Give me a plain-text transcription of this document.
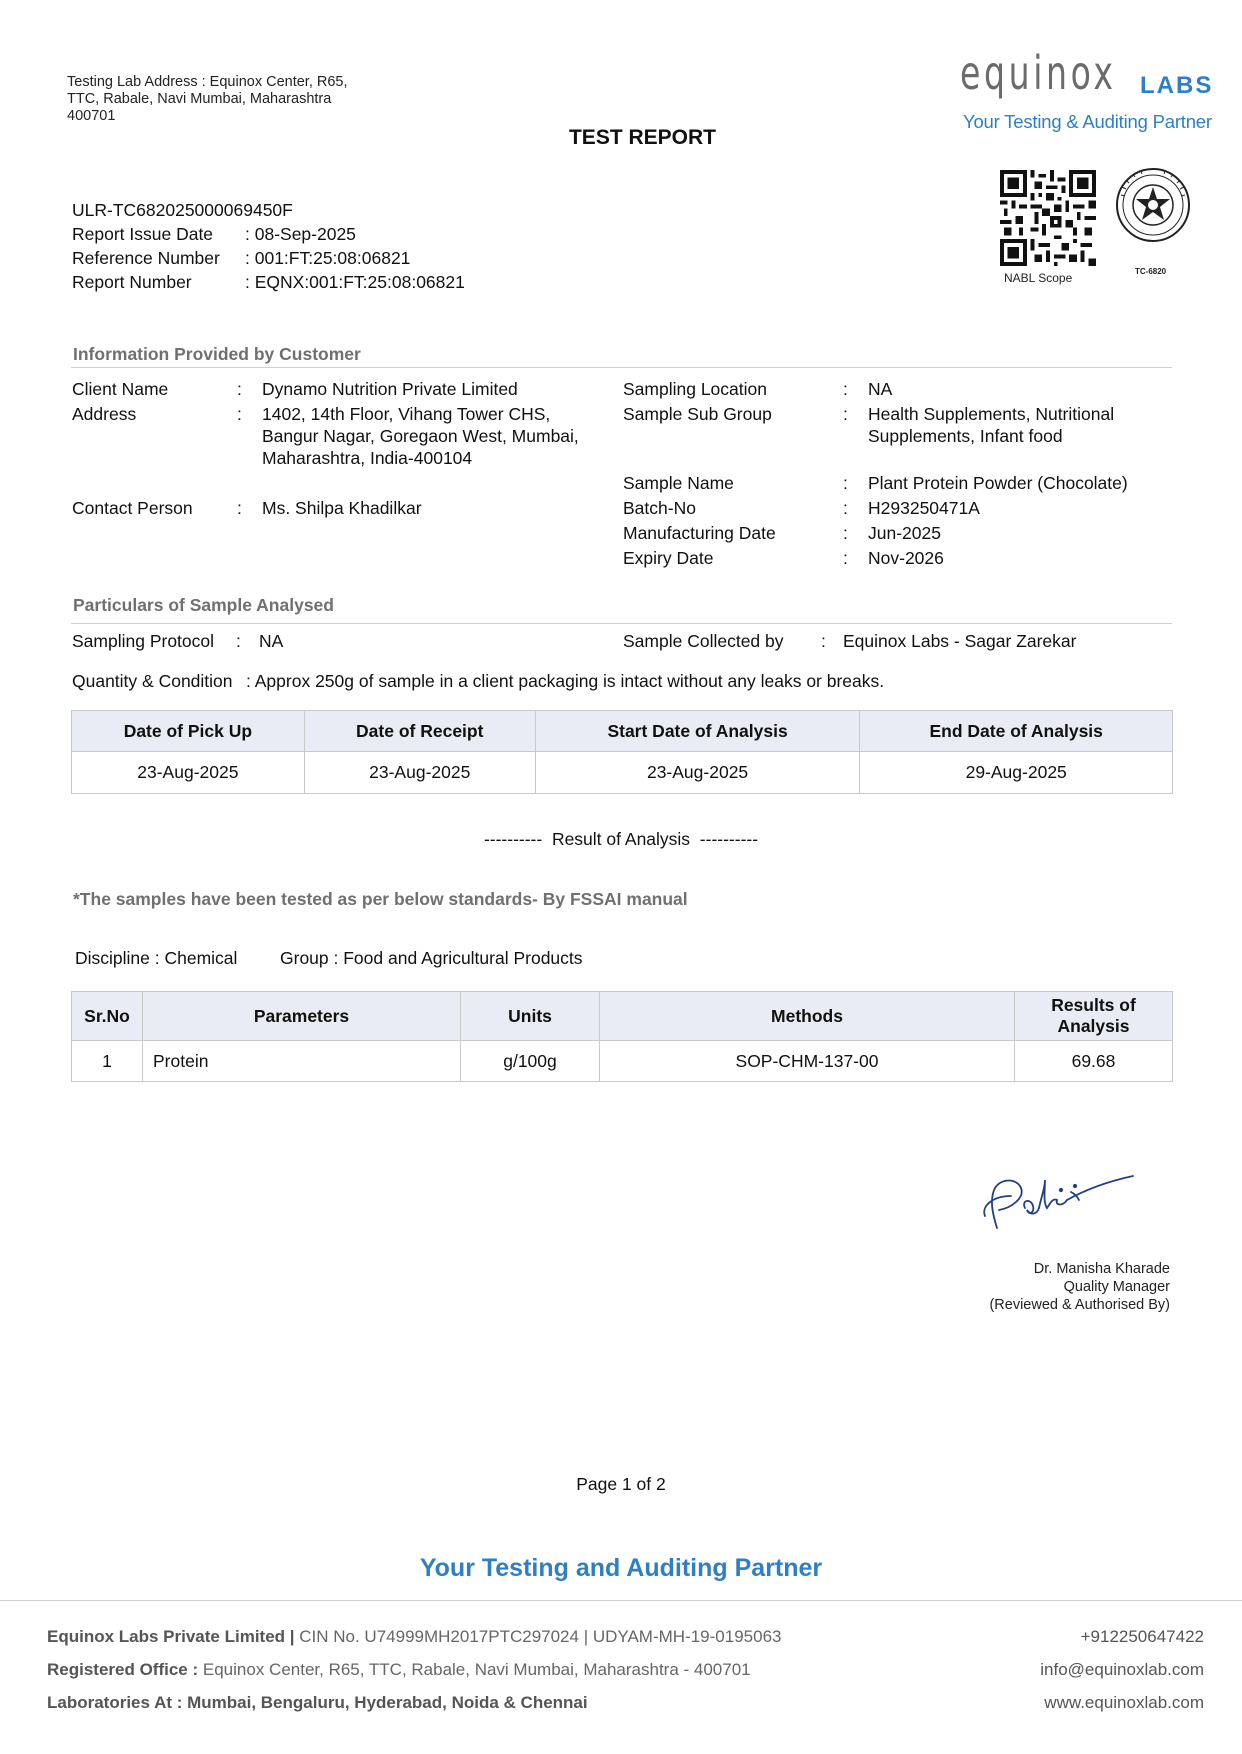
Testing Lab Address : Equinox Center, R65,
TTC, Rabale, Navi Mumbai, Maharashtra
400701
equinox LABS
Your Testing & Auditing Partner
TEST REPORT
NABL Scope	TC-6820
ULR-TC682025000069450F
Report Issue Date	: 08-Sep-2025
Reference Number	: 001:FT:25:08:06821
Report Number	: EQNX:001:FT:25:08:06821
Information Provided by Customer
Client Name	: Dynamo Nutrition Private Limited
Address	: 1402, 14th Floor, Vihang Tower CHS,
Bangur Nagar, Goregaon West, Mumbai,
Maharashtra, India-400104
Contact Person	: Ms. Shilpa Khadilkar
Sampling Location	: NA
Sample Sub Group	: Health Supplements, Nutritional
Supplements, Infant food
Sample Name	: Plant Protein Powder (Chocolate)
Batch-No	: H293250471A
Manufacturing Date	: Jun-2025
Expiry Date	: Nov-2026
Particulars of Sample Analysed
Sampling Protocol : NA	Sample Collected by : Equinox Labs - Sagar Zarekar
Quantity & Condition : Approx 250g of sample in a client packaging is intact without any leaks or breaks.
Date of Pick Up	Date of Receipt	Start Date of Analysis	End Date of Analysis
23-Aug-2025	23-Aug-2025	23-Aug-2025	29-Aug-2025
----------  Result of Analysis  ----------
*The samples have been tested as per below standards- By FSSAI manual
Discipline : Chemical Group : Food and Agricultural Products
Sr.No	Parameters	Units	Methods	Results of Analysis
1	Protein	g/100g	SOP-CHM-137-00	69.68
Dr. Manisha Kharade
Quality Manager
(Reviewed & Authorised By)
Page 1 of 2
Your Testing and Auditing Partner
Equinox Labs Private Limited | CIN No. U74999MH2017PTC297024 | UDYAM-MH-19-0195063
Registered Office : Equinox Center, R65, TTC, Rabale, Navi Mumbai, Maharashtra - 400701
Laboratories At : Mumbai, Bengaluru, Hyderabad, Noida & Chennai
+912250647422
info@equinoxlab.com
www.equinoxlab.com
